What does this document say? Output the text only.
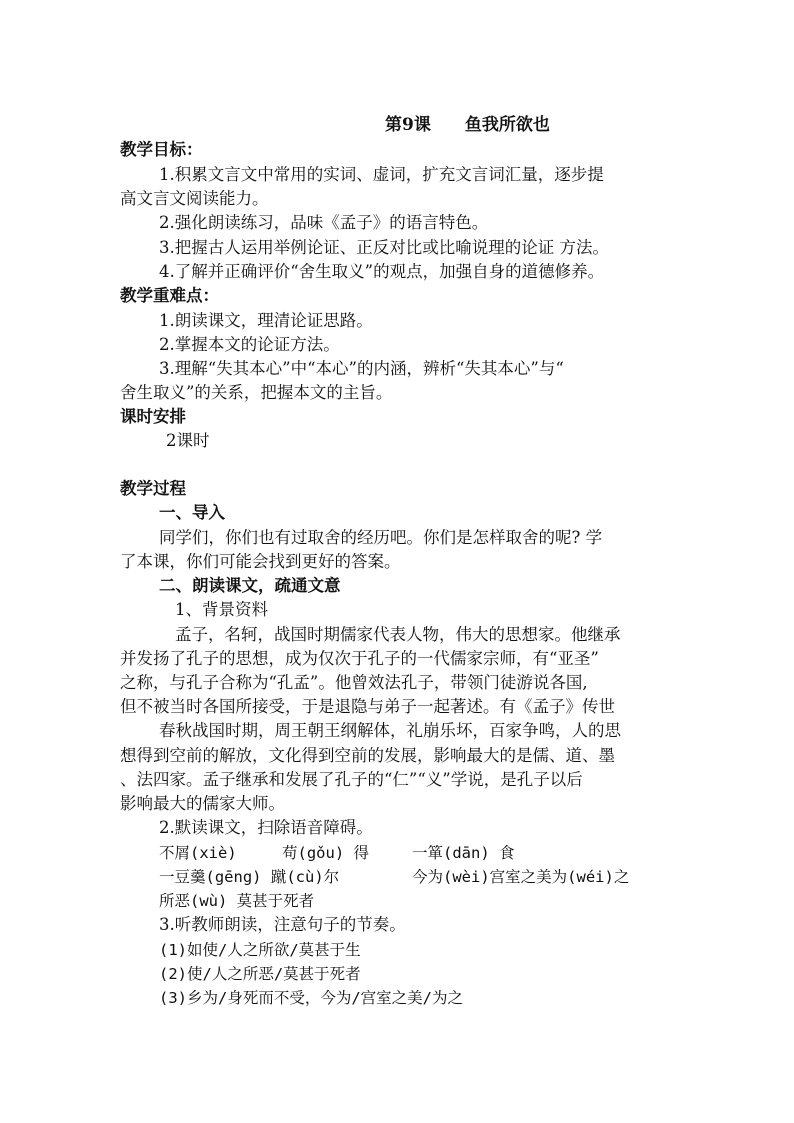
第9课　　鱼我所欲也
教学目标：
1.积累文言文中常用的实词、虚词，扩充文言词汇量，逐步提
高文言文阅读能力。
2.强化朗读练习，品味《孟子》的语言特色。
3.把握古人运用举例论证、正反对比或比喻说理的论证 方法。
4.了解并正确评价“舍生取义”的观点，加强自身的道德修养。
教学重难点：
1.朗读课文，理清论证思路。
2.掌握本文的论证方法。
3.理解“失其本心”中“本心”的内涵，辨析“失其本心”与“
舍生取义”的关系，把握本文的主旨。
课时安排
2课时
教学过程
一、导入
同学们，你们也有过取舍的经历吧。你们是怎样取舍的呢? 学
了本课，你们可能会找到更好的答案。
二、朗读课文，疏通文意
1、背景资料
孟子，名轲，战国时期儒家代表人物，伟大的思想家。他继承
并发扬了孔子的思想，成为仅次于孔子的一代儒家宗师，有“亚圣”
之称，与孔子合称为“孔孟”。他曾效法孔子，带领门徒游说各国,
但不被当时各国所接受，于是退隐与弟子一起著述。有《孟子》传世
春秋战国时期，周王朝王纲解体，礼崩乐坏，百家争鸣，人的思
想得到空前的解放，文化得到空前的发展，影响最大的是儒、道、墨
、法四家。孟子继承和发展了孔子的“仁”“义”学说，是孔子以后
影响最大的儒家大师。
2.默读课文，扫除语音障碍。
不屑(xiè)	苟(gǒu) 得	一箪(dān) 食
一豆羹(gēng) 蹴(cù)尔	今为(wèi)宫室之美为(wéi)之
所恶(wù) 莫甚于死者
3.听教师朗读，注意句子的节奏。
(1)如使/人之所欲/莫甚于生
(2)使/人之所恶/莫甚于死者
(3)乡为/身死而不受，今为/宫室之美/为之
